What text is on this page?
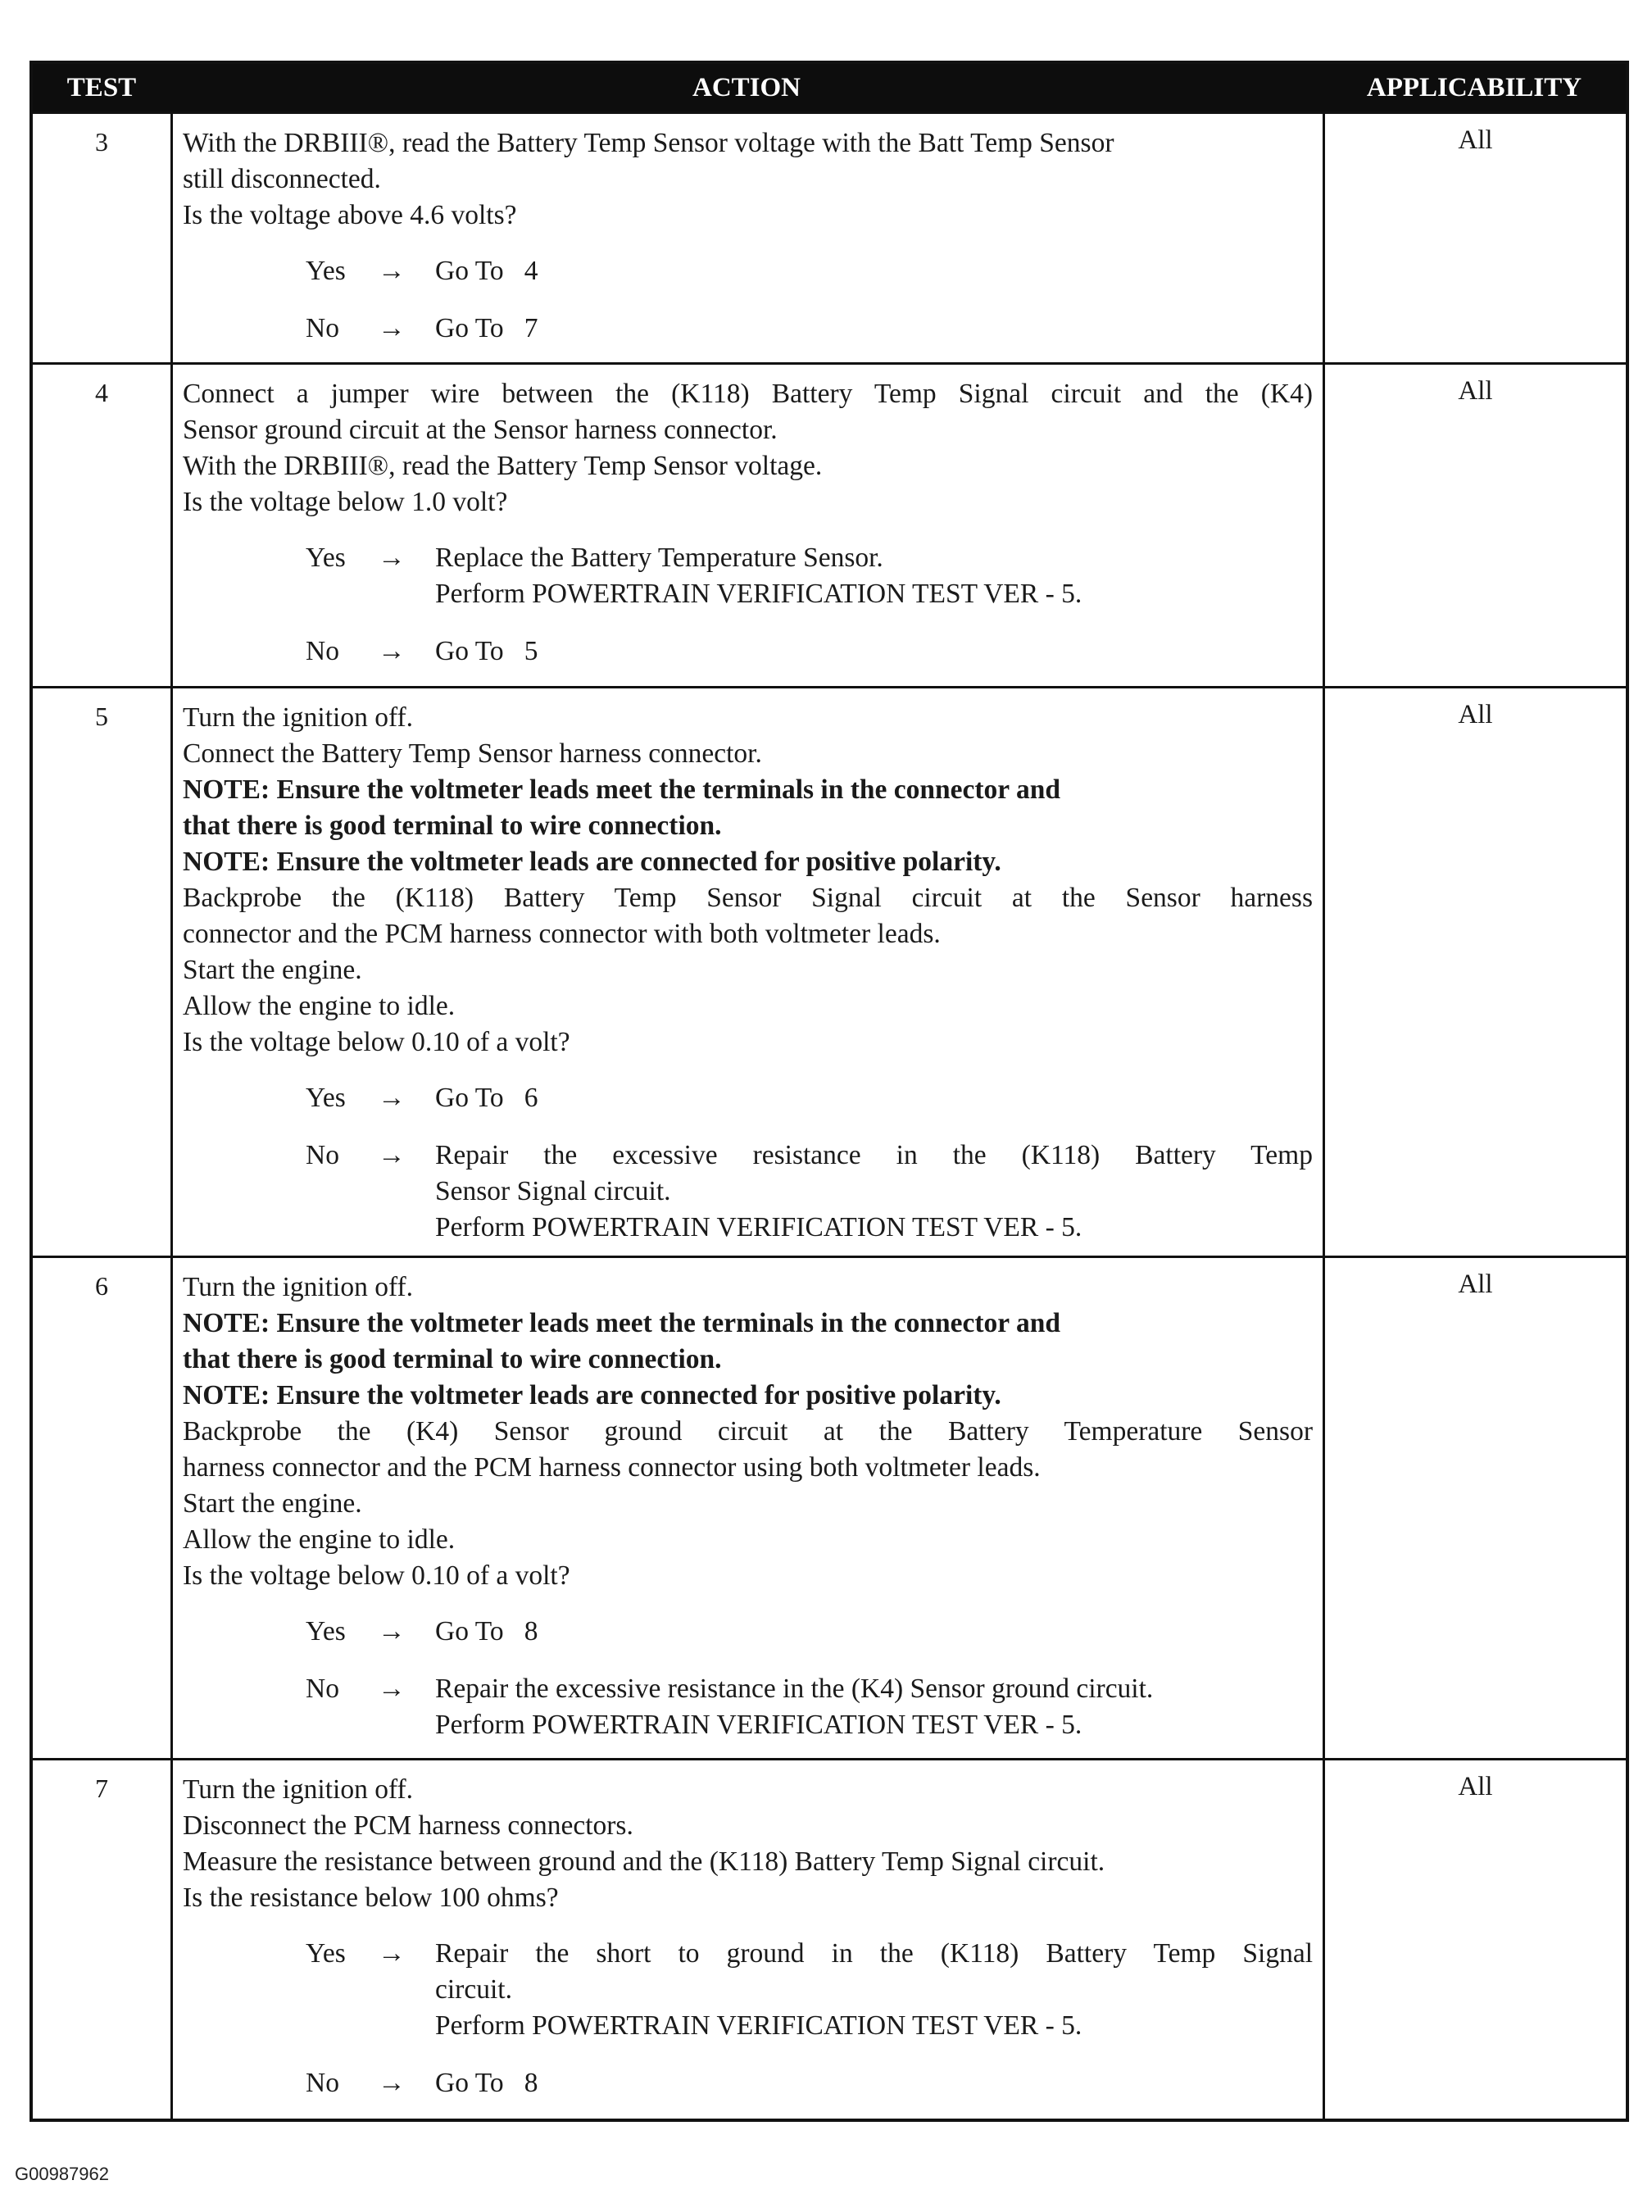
TEST	ACTION	APPLICABILITY
3	With the DRBIII®, read the Battery Temp Sensor voltage with the Batt Temp Sensor
still disconnected.
Is the voltage above 4.6 volts?
Yes	→	Go To   4
No	→	Go To   7
All
4	Connect a jumper wire between the (K118) Battery Temp Signal circuit and the (K4)
Sensor ground circuit at the Sensor harness connector.
With the DRBIII®, read the Battery Temp Sensor voltage.
Is the voltage below 1.0 volt?
Yes	→	Replace the Battery Temperature Sensor.
Perform POWERTRAIN VERIFICATION TEST VER - 5.
No	→	Go To   5
All
5	Turn the ignition off.
Connect the Battery Temp Sensor harness connector.
NOTE: Ensure the voltmeter leads meet the terminals in the connector and
that there is good terminal to wire connection.
NOTE: Ensure the voltmeter leads are connected for positive polarity.
Backprobe the (K118) Battery Temp Sensor Signal circuit at the Sensor harness
connector and the PCM harness connector with both voltmeter leads.
Start the engine.
Allow the engine to idle.
Is the voltage below 0.10 of a volt?
Yes	→	Go To   6
No	→	Repair the excessive resistance in the (K118) Battery Temp
Sensor Signal circuit.
Perform POWERTRAIN VERIFICATION TEST VER - 5.
All
6	Turn the ignition off.
NOTE: Ensure the voltmeter leads meet the terminals in the connector and
that there is good terminal to wire connection.
NOTE: Ensure the voltmeter leads are connected for positive polarity.
Backprobe the (K4) Sensor ground circuit at the Battery Temperature Sensor
harness connector and the PCM harness connector using both voltmeter leads.
Start the engine.
Allow the engine to idle.
Is the voltage below 0.10 of a volt?
Yes	→	Go To   8
No	→	Repair the excessive resistance in the (K4) Sensor ground circuit.
Perform POWERTRAIN VERIFICATION TEST VER - 5.
All
7	Turn the ignition off.
Disconnect the PCM harness connectors.
Measure the resistance between ground and the (K118) Battery Temp Signal circuit.
Is the resistance below 100 ohms?
Yes	→	Repair the short to ground in the (K118) Battery Temp Signal
circuit.
Perform POWERTRAIN VERIFICATION TEST VER - 5.
No	→	Go To   8
All
G00987962
